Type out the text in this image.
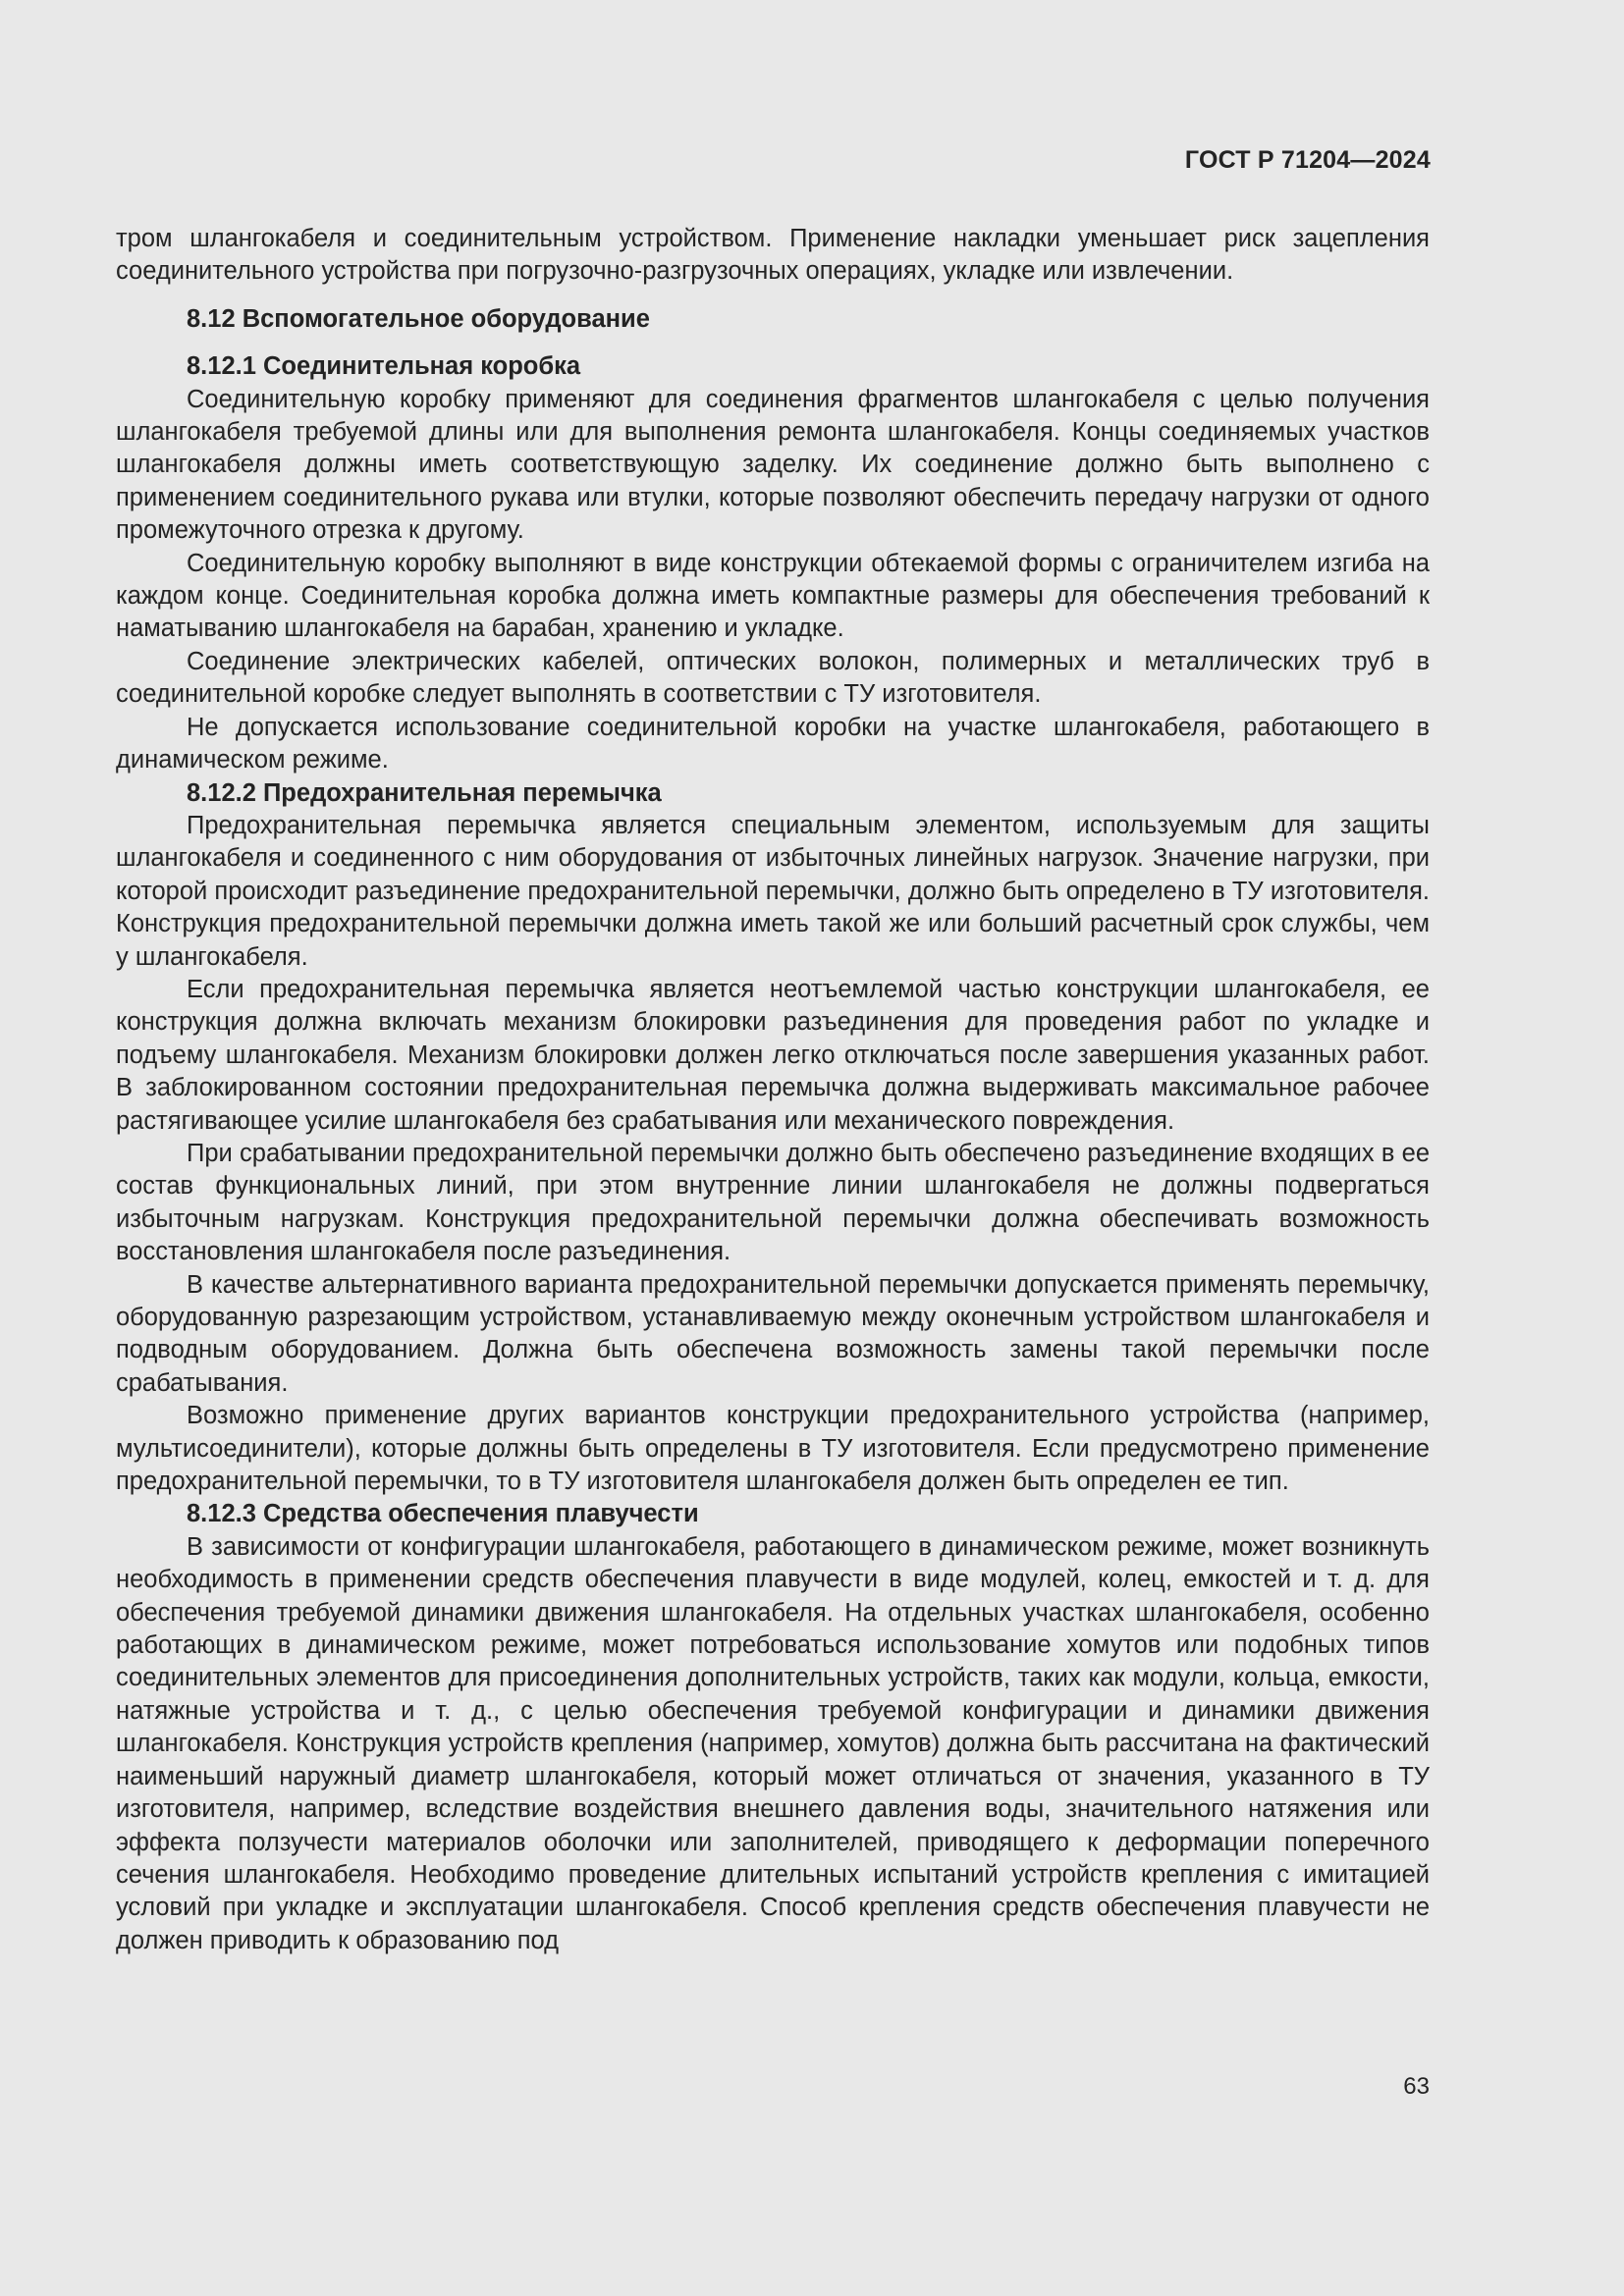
ГОСТ Р 71204—2024

тром шлангокабеля и соединительным устройством. Применение накладки уменьшает риск зацепления соединительного устройства при погрузочно-разгрузочных операциях, укладке или извлечении.

8.12 Вспомогательное оборудование
8.12.1 Соединительная коробка

Соединительную коробку применяют для соединения фрагментов шлангокабеля с целью получения шлангокабеля требуемой длины или для выполнения ремонта шлангокабеля. Концы соединяемых участков шлангокабеля должны иметь соответствующую заделку. Их соединение должно быть выполнено с применением соединительного рукава или втулки, которые позволяют обеспечить передачу нагрузки от одного промежуточного отрезка к другому.

Соединительную коробку выполняют в виде конструкции обтекаемой формы с ограничителем изгиба на каждом конце. Соединительная коробка должна иметь компактные размеры для обеспечения требований к наматыванию шлангокабеля на барабан, хранению и укладке.

Соединение электрических кабелей, оптических волокон, полимерных и металлических труб в соединительной коробке следует выполнять в соответствии с ТУ изготовителя.

Не допускается использование соединительной коробки на участке шлангокабеля, работающего в динамическом режиме.

8.12.2 Предохранительная перемычка

Предохранительная перемычка является специальным элементом, используемым для защиты шлангокабеля и соединенного с ним оборудования от избыточных линейных нагрузок. Значение нагрузки, при которой происходит разъединение предохранительной перемычки, должно быть определено в ТУ изготовителя. Конструкция предохранительной перемычки должна иметь такой же или больший расчетный срок службы, чем у шлангокабеля.

Если предохранительная перемычка является неотъемлемой частью конструкции шлангокабеля, ее конструкция должна включать механизм блокировки разъединения для проведения работ по укладке и подъему шлангокабеля. Механизм блокировки должен легко отключаться после завершения указанных работ. В заблокированном состоянии предохранительная перемычка должна выдерживать максимальное рабочее растягивающее усилие шлангокабеля без срабатывания или механического повреждения.

При срабатывании предохранительной перемычки должно быть обеспечено разъединение входящих в ее состав функциональных линий, при этом внутренние линии шлангокабеля не должны подвергаться избыточным нагрузкам. Конструкция предохранительной перемычки должна обеспечивать возможность восстановления шлангокабеля после разъединения.

В качестве альтернативного варианта предохранительной перемычки допускается применять перемычку, оборудованную разрезающим устройством, устанавливаемую между оконечным устройством шлангокабеля и подводным оборудованием. Должна быть обеспечена возможность замены такой перемычки после срабатывания.

Возможно применение других вариантов конструкции предохранительного устройства (например, мультисоединители), которые должны быть определены в ТУ изготовителя. Если предусмотрено применение предохранительной перемычки, то в ТУ изготовителя шлангокабеля должен быть определен ее тип.

8.12.3 Средства обеспечения плавучести

В зависимости от конфигурации шлангокабеля, работающего в динамическом режиме, может возникнуть необходимость в применении средств обеспечения плавучести в виде модулей, колец, емкостей и т. д. для обеспечения требуемой динамики движения шлангокабеля. На отдельных участках шлангокабеля, особенно работающих в динамическом режиме, может потребоваться использование хомутов или подобных типов соединительных элементов для присоединения дополнительных устройств, таких как модули, кольца, емкости, натяжные устройства и т. д., с целью обеспечения требуемой конфигурации и динамики движения шлангокабеля. Конструкция устройств крепления (например, хомутов) должна быть рассчитана на фактический наименьший наружный диаметр шлангокабеля, который может отличаться от значения, указанного в ТУ изготовителя, например, вследствие воздействия внешнего давления воды, значительного натяжения или эффекта ползучести материалов оболочки или заполнителей, приводящего к деформации поперечного сечения шлангокабеля. Необходимо проведение длительных испытаний устройств крепления с имитацией условий при укладке и эксплуатации шлангокабеля. Способ крепления средств обеспечения плавучести не должен приводить к образованию под

63
